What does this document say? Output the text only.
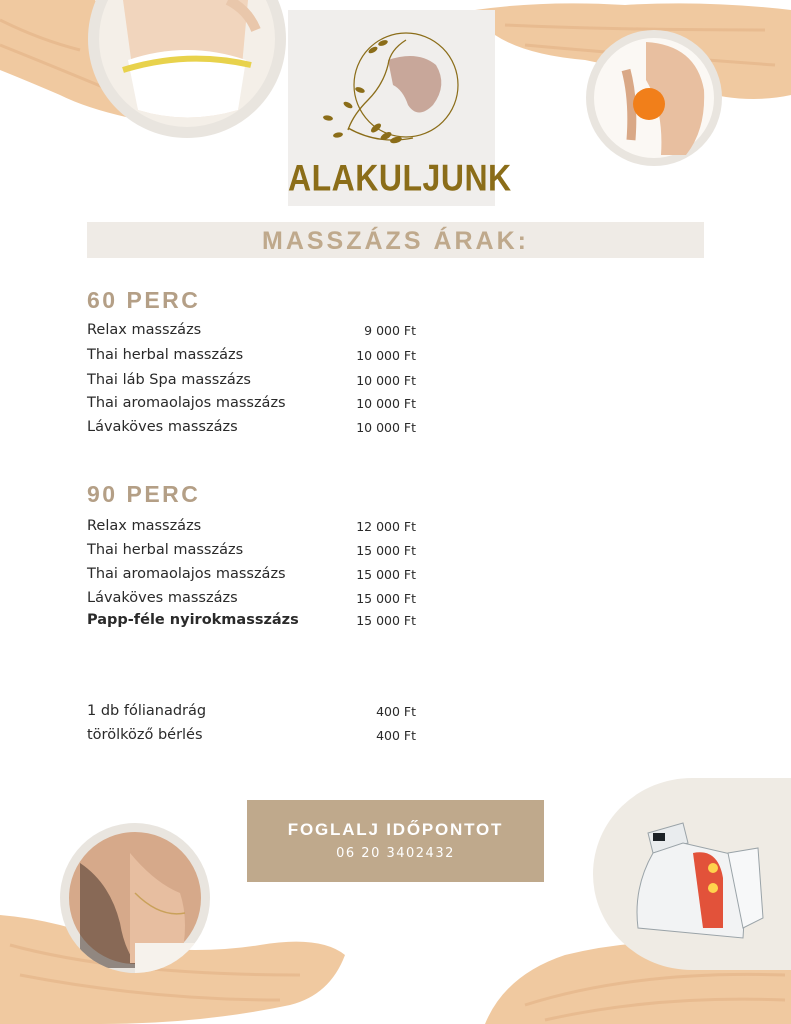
ALAKULJUNK
MASSZÁZS ÁRAK:
60 PERC
Relax masszázs	9 000 Ft
Thai herbal masszázs	10 000 Ft
Thai láb Spa masszázs	10 000 Ft
Thai aromaolajos masszázs	10 000 Ft
Lávaköves masszázs	10 000 Ft
90 PERC
Relax masszázs	12 000 Ft
Thai herbal masszázs	15 000 Ft
Thai aromaolajos masszázs	15 000 Ft
Lávaköves masszázs	15 000 Ft
Papp-féle nyirokmasszázs	15 000 Ft
1 db fólianadrág	400 Ft
törölköző bérlés	400 Ft
FOGLALJ IDŐPONTOT
06 20 3402432
